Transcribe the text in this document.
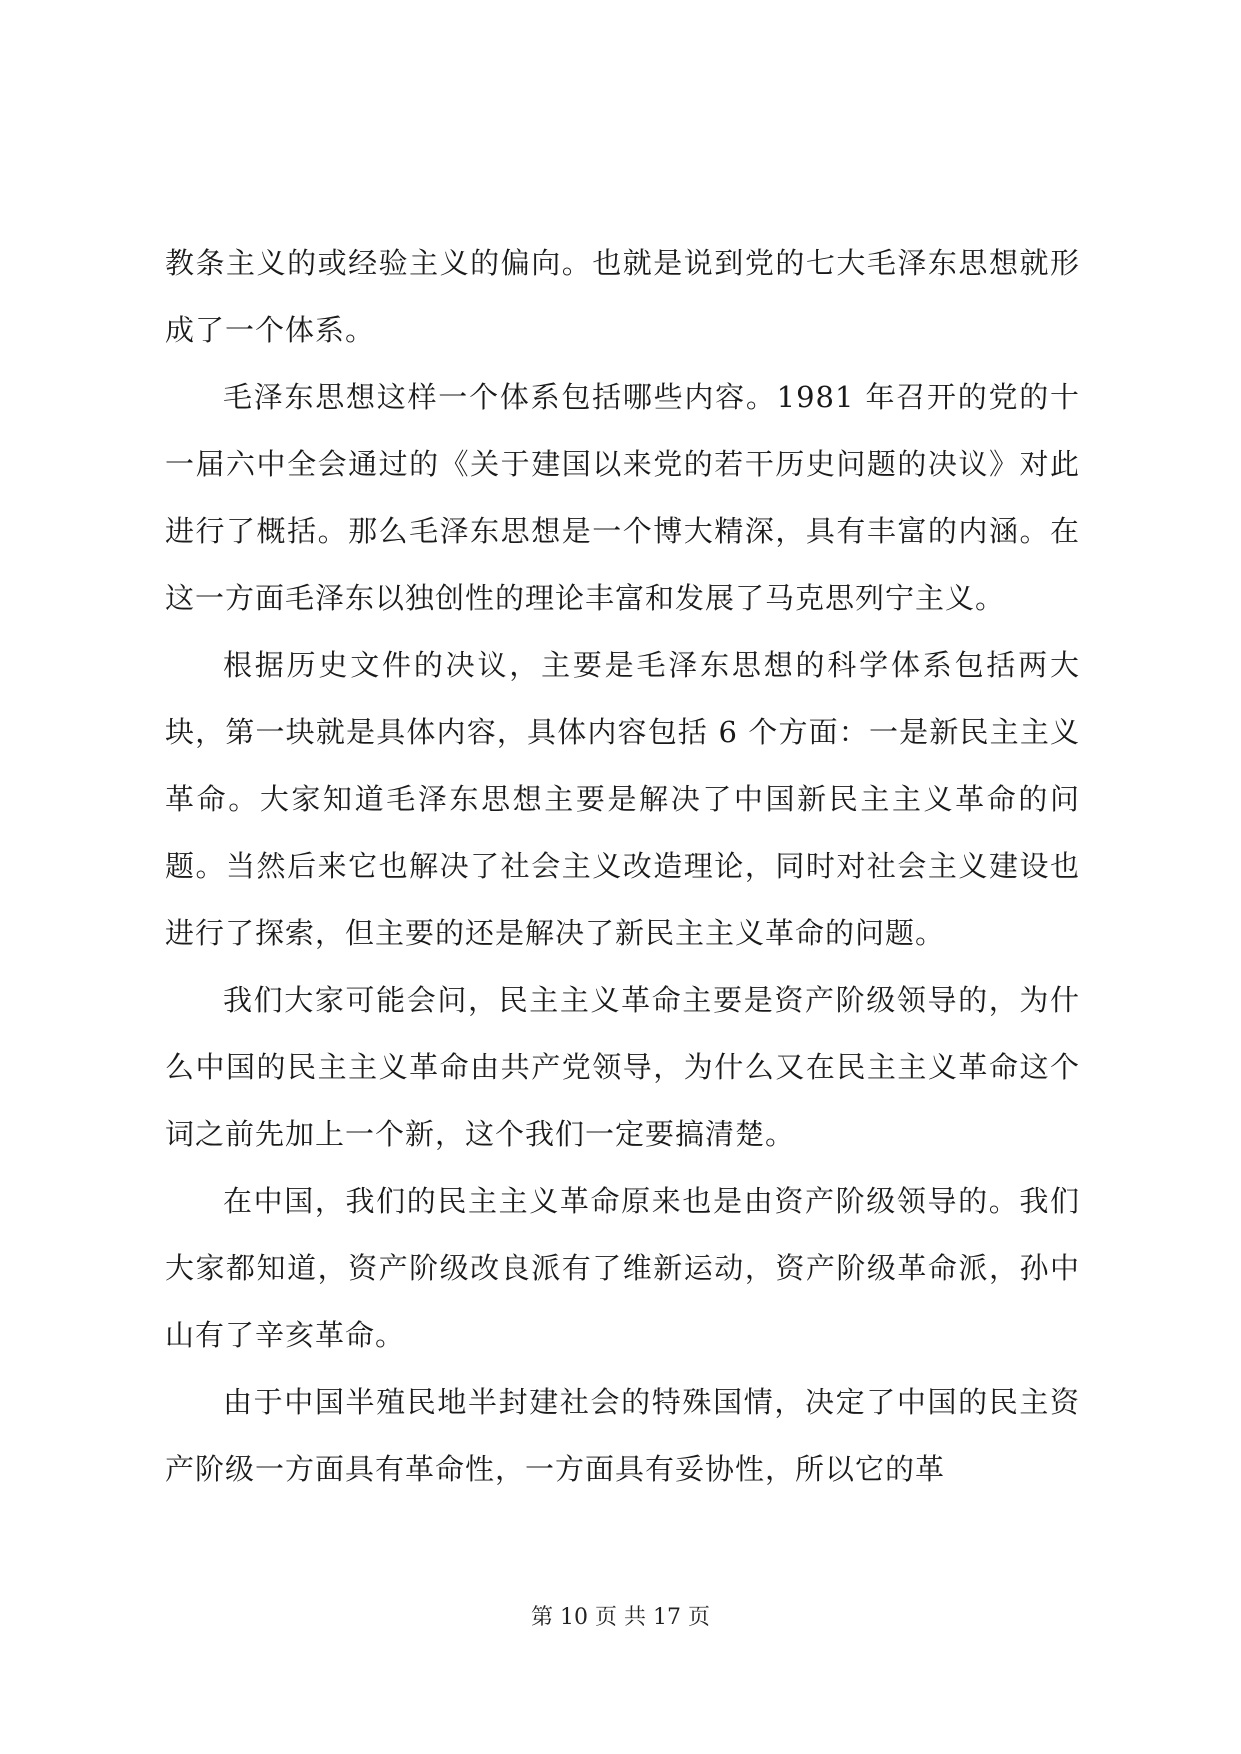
教条主义的或经验主义的偏向。也就是说到党的七大毛泽东思想就形成了一个体系。

毛泽东思想这样一个体系包括哪些内容。1981 年召开的党的十一届六中全会通过的《关于建国以来党的若干历史问题的决议》对此进行了概括。那么毛泽东思想是一个博大精深，具有丰富的内涵。在这一方面毛泽东以独创性的理论丰富和发展了马克思列宁主义。

根据历史文件的决议，主要是毛泽东思想的科学体系包括两大块，第一块就是具体内容，具体内容包括 6 个方面：一是新民主主义革命。大家知道毛泽东思想主要是解决了中国新民主主义革命的问题。当然后来它也解决了社会主义改造理论，同时对社会主义建设也进行了探索，但主要的还是解决了新民主主义革命的问题。

我们大家可能会问，民主主义革命主要是资产阶级领导的，为什么中国的民主主义革命由共产党领导，为什么又在民主主义革命这个词之前先加上一个新，这个我们一定要搞清楚。

在中国，我们的民主主义革命原来也是由资产阶级领导的。我们大家都知道，资产阶级改良派有了维新运动，资产阶级革命派，孙中山有了辛亥革命。

由于中国半殖民地半封建社会的特殊国情，决定了中国的民主资产阶级一方面具有革命性，一方面具有妥协性，所以它的革

第 10 页 共 17 页
